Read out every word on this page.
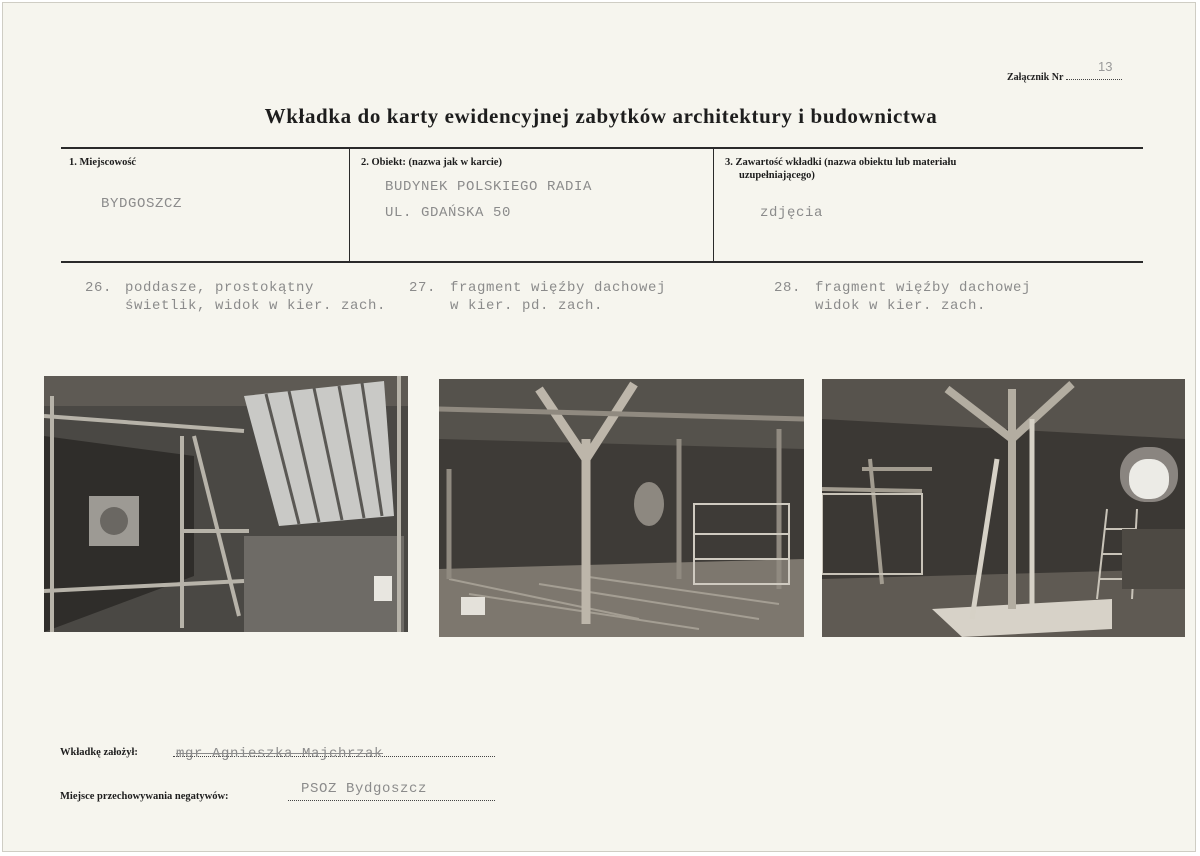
13
Załącznik Nr
Wkładka do karty ewidencyjnej zabytków architektury i budownictwa
1. Miejscowość
BYDGOSZCZ
2. Obiekt: (nazwa jak w karcie)
BUDYNEK POLSKIEGO RADIA
UL. GDAŃSKA 50
3. Zawartość wkładki (nazwa obiektu lub materiału
uzupełniającego)
zdjęcia
26. poddasze, prostokątny
świetlik, widok w kier. zach.
27. fragment więźby dachowej
w kier. pd. zach.
28. fragment więźby dachowej
widok w kier. zach.
Wkładkę założył:	mgr Agnieszka Majchrzak
Miejsce przechowywania negatywów:	PSOZ Bydgoszcz
